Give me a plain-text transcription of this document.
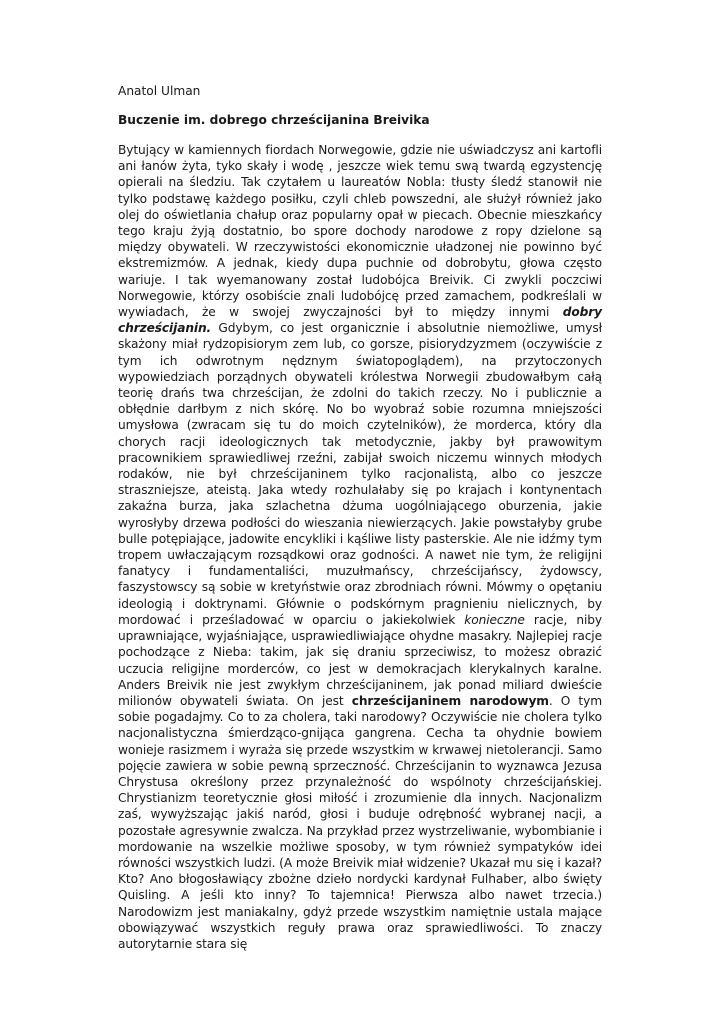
Anatol Ulman

Buczenie im. dobrego chrześcijanina Breivika

Bytujący w kamiennych fiordach Norwegowie, gdzie nie uświadczysz ani kartofli ani łanów żyta, tyko skały i wodę , jeszcze wiek temu swą twardą egzystencję opierali na śledziu. Tak czytałem u laureatów Nobla: tłusty śledź stanowił nie tylko podstawę każdego posiłku, czyli chleb powszedni, ale służył również jako olej do oświetlania chałup oraz popularny opał w piecach. Obecnie mieszkańcy tego kraju żyją dostatnio, bo spore dochody narodowe z ropy dzielone są między obywateli. W rzeczywistości ekonomicznie uładzonej nie powinno być ekstremizmów. A jednak, kiedy dupa puchnie od dobrobytu, głowa często wariuje. I tak wyemanowany został ludobójca Breivik. Ci zwykli poczciwi Norwegowie, którzy osobiście znali ludobójcę przed zamachem, podkreślali w wywiadach, że w swojej zwyczajności był to między innymi dobry chrześcijanin. Gdybym, co jest organicznie i absolutnie niemożliwe, umysł skażony miał rydzopisiorym zem lub, co gorsze, pisiorydzyzmem (oczywiście z tym ich odwrotnym nędznym światopoglądem), na przytoczonych wypowiedziach porządnych obywateli królestwa Norwegii zbudowałbym całą teorię drańs twa chrześcijan, że zdolni do takich rzeczy. No i publicznie a obłędnie darłbym z nich skórę. No bo wyobraź sobie rozumna mniejszości umysłowa (zwracam się tu do moich czytelników), że morderca, który dla chorych racji ideologicznych tak metodycznie, jakby był prawowitym pracownikiem sprawiedliwej rzeźni, zabijał swoich niczemu winnych młodych rodaków, nie był chrześcijaninem tylko racjonalistą, albo co jeszcze straszniejsze, ateistą. Jaka wtedy rozhulałaby się po krajach i kontynentach zakaźna burza, jaka szlachetna dżuma uogólniającego oburzenia, jakie wyrosłyby drzewa podłości do wieszania niewierzących. Jakie powstałyby grube bulle potępiające, jadowite encykliki i kąśliwe listy pasterskie. Ale nie idźmy tym tropem uwłaczającym rozsądkowi oraz godności. A nawet nie tym, że religijni fanatycy i fundamentaliści, muzułmańscy, chrześcijańscy, żydowscy, faszystowscy są sobie w kretyństwie oraz zbrodniach równi. Mówmy o opętaniu ideologią i doktrynami. Głównie o podskórnym pragnieniu nielicznych, by mordować i prześladować w oparciu o jakiekolwiek konieczne racje, niby uprawniające, wyjaśniające, usprawiedliwiające ohydne masakry. Najlepiej racje pochodzące z Nieba: takim, jak się draniu sprzeciwisz, to możesz obrazić uczucia religijne morderców, co jest w demokracjach klerykalnych karalne. Anders Breivik nie jest zwykłym chrześcijaninem, jak ponad miliard dwieście milionów obywateli świata. On jest chrześcijaninem narodowym. O tym sobie pogadajmy. Co to za cholera, taki narodowy? Oczywiście nie cholera tylko nacjonalistyczna śmierdząco-gnijąca gangrena. Cecha ta ohydnie bowiem wonieje rasizmem i wyraża się przede wszystkim w krwawej nietolerancji. Samo pojęcie zawiera w sobie pewną sprzeczność. Chrześcijanin to wyznawca Jezusa Chrystusa określony przez przynależność do wspólnoty chrześcijańskiej. Chrystianizm teoretycznie głosi miłość i zrozumienie dla innych. Nacjonalizm zaś, wywyższając jakiś naród, głosi i buduje odrębność wybranej nacji, a pozostałe agresywnie zwalcza. Na przykład przez wystrzeliwanie, wybombianie i mordowanie na wszelkie możliwe sposoby, w tym również sympatyków idei równości wszystkich ludzi. (A może Breivik miał widzenie? Ukazał mu się i kazał? Kto? Ano błogosławiący zbożne dzieło nordycki kardynał Fulhaber, albo święty Quisling. A jeśli kto inny? To tajemnica! Pierwsza albo nawet trzecia.) Narodowizm jest maniakalny, gdyż przede wszystkim namiętnie ustala mające obowiązywać wszystkich reguły prawa oraz sprawiedliwości. To znaczy autorytarnie stara się
